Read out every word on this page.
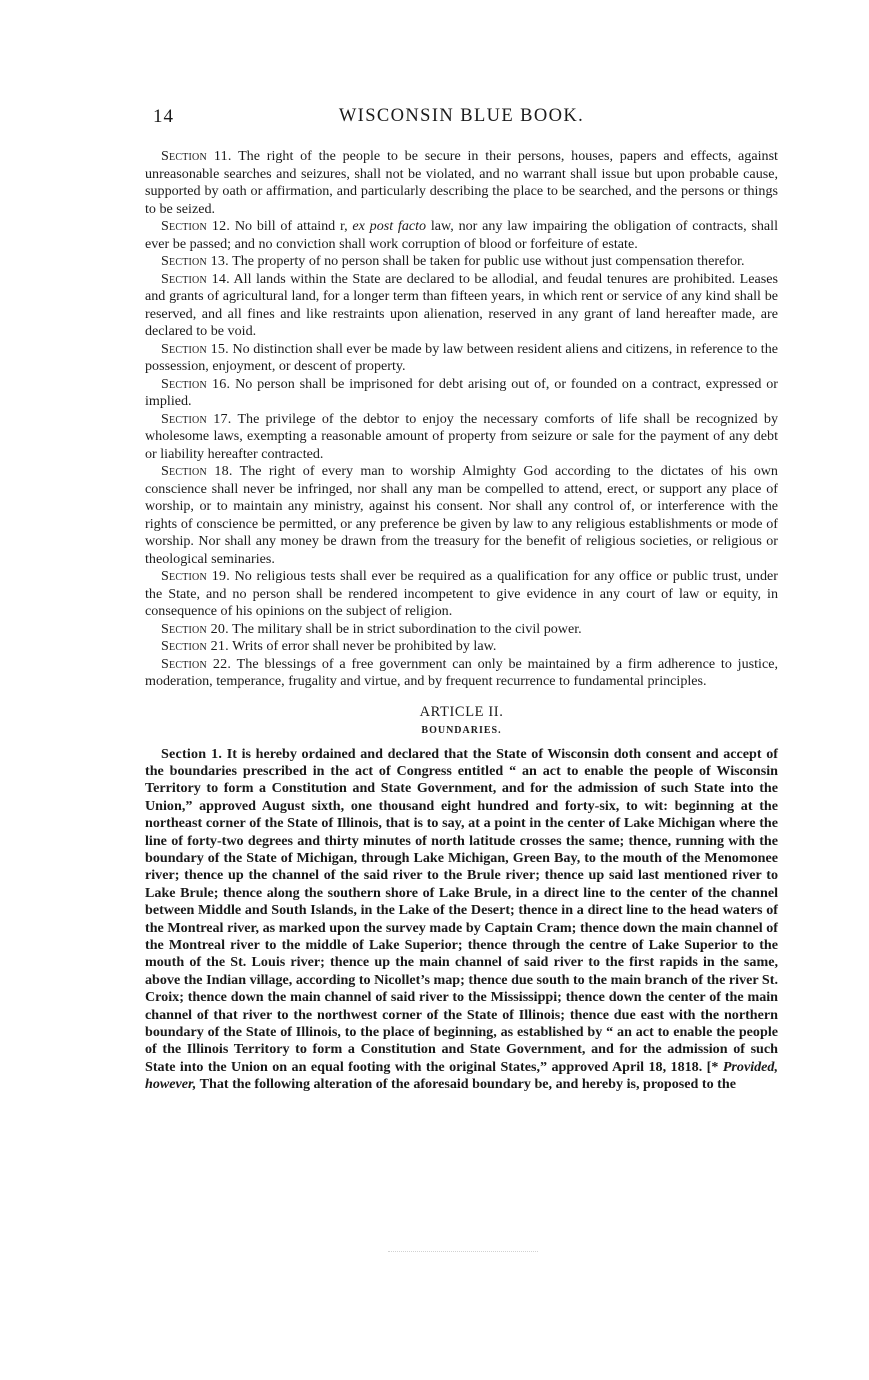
14	WISCONSIN BLUE BOOK.

Section 11. The right of the people to be secure in their persons, houses, papers and effects, against unreasonable searches and seizures, shall not be violated, and no warrant shall issue but upon probable cause, supported by oath or affirmation, and particularly describing the place to be searched, and the persons or things to be seized.

Section 12. No bill of attaind r, ex post facto law, nor any law impairing the obligation of contracts, shall ever be passed; and no conviction shall work corruption of blood or forfeiture of estate.

Section 13. The property of no person shall be taken for public use without just compensation therefor.

Section 14. All lands within the State are declared to be allodial, and feudal tenures are prohibited. Leases and grants of agricultural land, for a longer term than fifteen years, in which rent or service of any kind shall be reserved, and all fines and like restraints upon alienation, reserved in any grant of land hereafter made, are declared to be void.

Section 15. No distinction shall ever be made by law between resident aliens and citizens, in reference to the possession, enjoyment, or descent of property.

Section 16. No person shall be imprisoned for debt arising out of, or founded on a contract, expressed or implied.

Section 17. The privilege of the debtor to enjoy the necessary comforts of life shall be recognized by wholesome laws, exempting a reasonable amount of property from seizure or sale for the payment of any debt or liability hereafter contracted.

Section 18. The right of every man to worship Almighty God according to the dictates of his own conscience shall never be infringed, nor shall any man be compelled to attend, erect, or support any place of worship, or to maintain any ministry, against his consent. Nor shall any control of, or interference with the rights of conscience be permitted, or any preference be given by law to any religious establishments or mode of worship. Nor shall any money be drawn from the treasury for the benefit of religious societies, or religious or theological seminaries.

Section 19. No religious tests shall ever be required as a qualification for any office or public trust, under the State, and no person shall be rendered incompetent to give evidence in any court of law or equity, in consequence of his opinions on the subject of religion.

Section 20. The military shall be in strict subordination to the civil power.

Section 21. Writs of error shall never be prohibited by law.

Section 22. The blessings of a free government can only be maintained by a firm adherence to justice, moderation, temperance, frugality and virtue, and by frequent recurrence to fundamental principles.

ARTICLE II.
BOUNDARIES.

Section 1. It is hereby ordained and declared that the State of Wisconsin doth consent and accept of the boundaries prescribed in the act of Congress entitled “ an act to enable the people of Wisconsin Territory to form a Constitution and State Government, and for the admission of such State into the Union,” approved August sixth, one thousand eight hundred and forty-six, to wit: beginning at the northeast corner of the State of Illinois, that is to say, at a point in the center of Lake Michigan where the line of forty-two degrees and thirty minutes of north latitude crosses the same; thence, running with the boundary of the State of Michigan, through Lake Michigan, Green Bay, to the mouth of the Menomonee river; thence up the channel of the said river to the Brule river; thence up said last mentioned river to Lake Brule; thence along the southern shore of Lake Brule, in a direct line to the center of the channel between Middle and South Islands, in the Lake of the Desert; thence in a direct line to the head waters of the Montreal river, as marked upon the survey made by Captain Cram; thence down the main channel of the Montreal river to the middle of Lake Superior; thence through the centre of Lake Superior to the mouth of the St. Louis river; thence up the main channel of said river to the first rapids in the same, above the Indian village, according to Nicollet’s map; thence due south to the main branch of the river St. Croix; thence down the main channel of said river to the Mississippi; thence down the center of the main channel of that river to the northwest corner of the State of Illinois; thence due east with the northern boundary of the State of Illinois, to the place of beginning, as established by “ an act to enable the people of the Illinois Territory to form a Constitution and State Government, and for the admission of such State into the Union on an equal footing with the original States,” approved April 18, 1818. [* Provided, however, That the following alteration of the aforesaid boundary be, and hereby is, proposed to the
